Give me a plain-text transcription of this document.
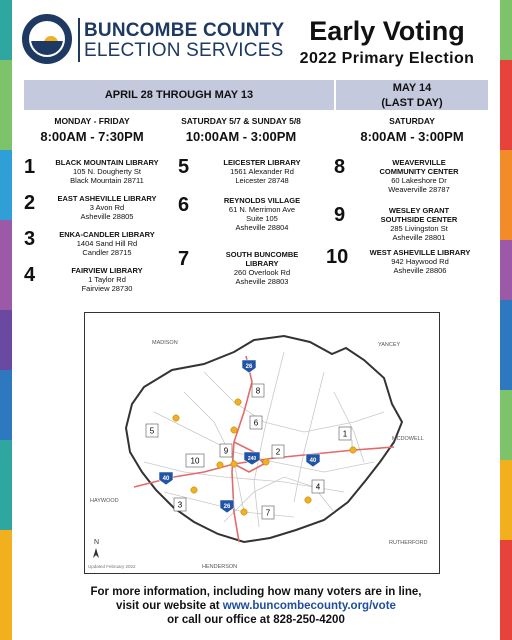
BUNCOMBE COUNTY
ELECTION SERVICES
Early Voting
2022 Primary Election
APRIL 28 THROUGH MAY 13
MAY 14
(LAST DAY)
MONDAY - FRIDAY
8:00AM - 7:30PM
SATURDAY 5/7 & SUNDAY 5/8
10:00AM - 3:00PM
SATURDAY
8:00AM - 3:00PM
1	BLACK MOUNTAIN LIBRARY
105 N. Dougherty St
Black Mountain 28711
2	EAST ASHEVILLE LIBRARY
3 Avon Rd
Asheville 28805
3	ENKA-CANDLER LIBRARY
1404 Sand Hill Rd
Candler 28715
4	FAIRVIEW LIBRARY
1 Taylor Rd
Fairview 28730
5	LEICESTER LIBRARY
1561 Alexander Rd
Leicester 28748
6	REYNOLDS VILLAGE
61 N. Merrimon Ave
Suite 105
Asheville 28804
7	SOUTH BUNCOMBE LIBRARY
260 Overlook Rd
Asheville 28803
8	WEAVERVILLE COMMUNITY CENTER
60 Lakeshore Dr
Weaverville 28787
9	WESLEY GRANT SOUTHSIDE CENTER
285 Livingston St
Asheville 28801
10	WEST ASHEVILLE LIBRARY
942 Haywood Rd
Asheville 28806
26
40
40
240
26
MADISON	YANCEY
MCDOWELL
HAYWOOD
RUTHERFORD
HENDERSON
N
Updated February 2022
1
2
3
4
5
6
7
8
9
10
For more information, including how many voters are in line,
visit our website at www.buncombecounty.org/vote
or call our office at 828-250-4200
